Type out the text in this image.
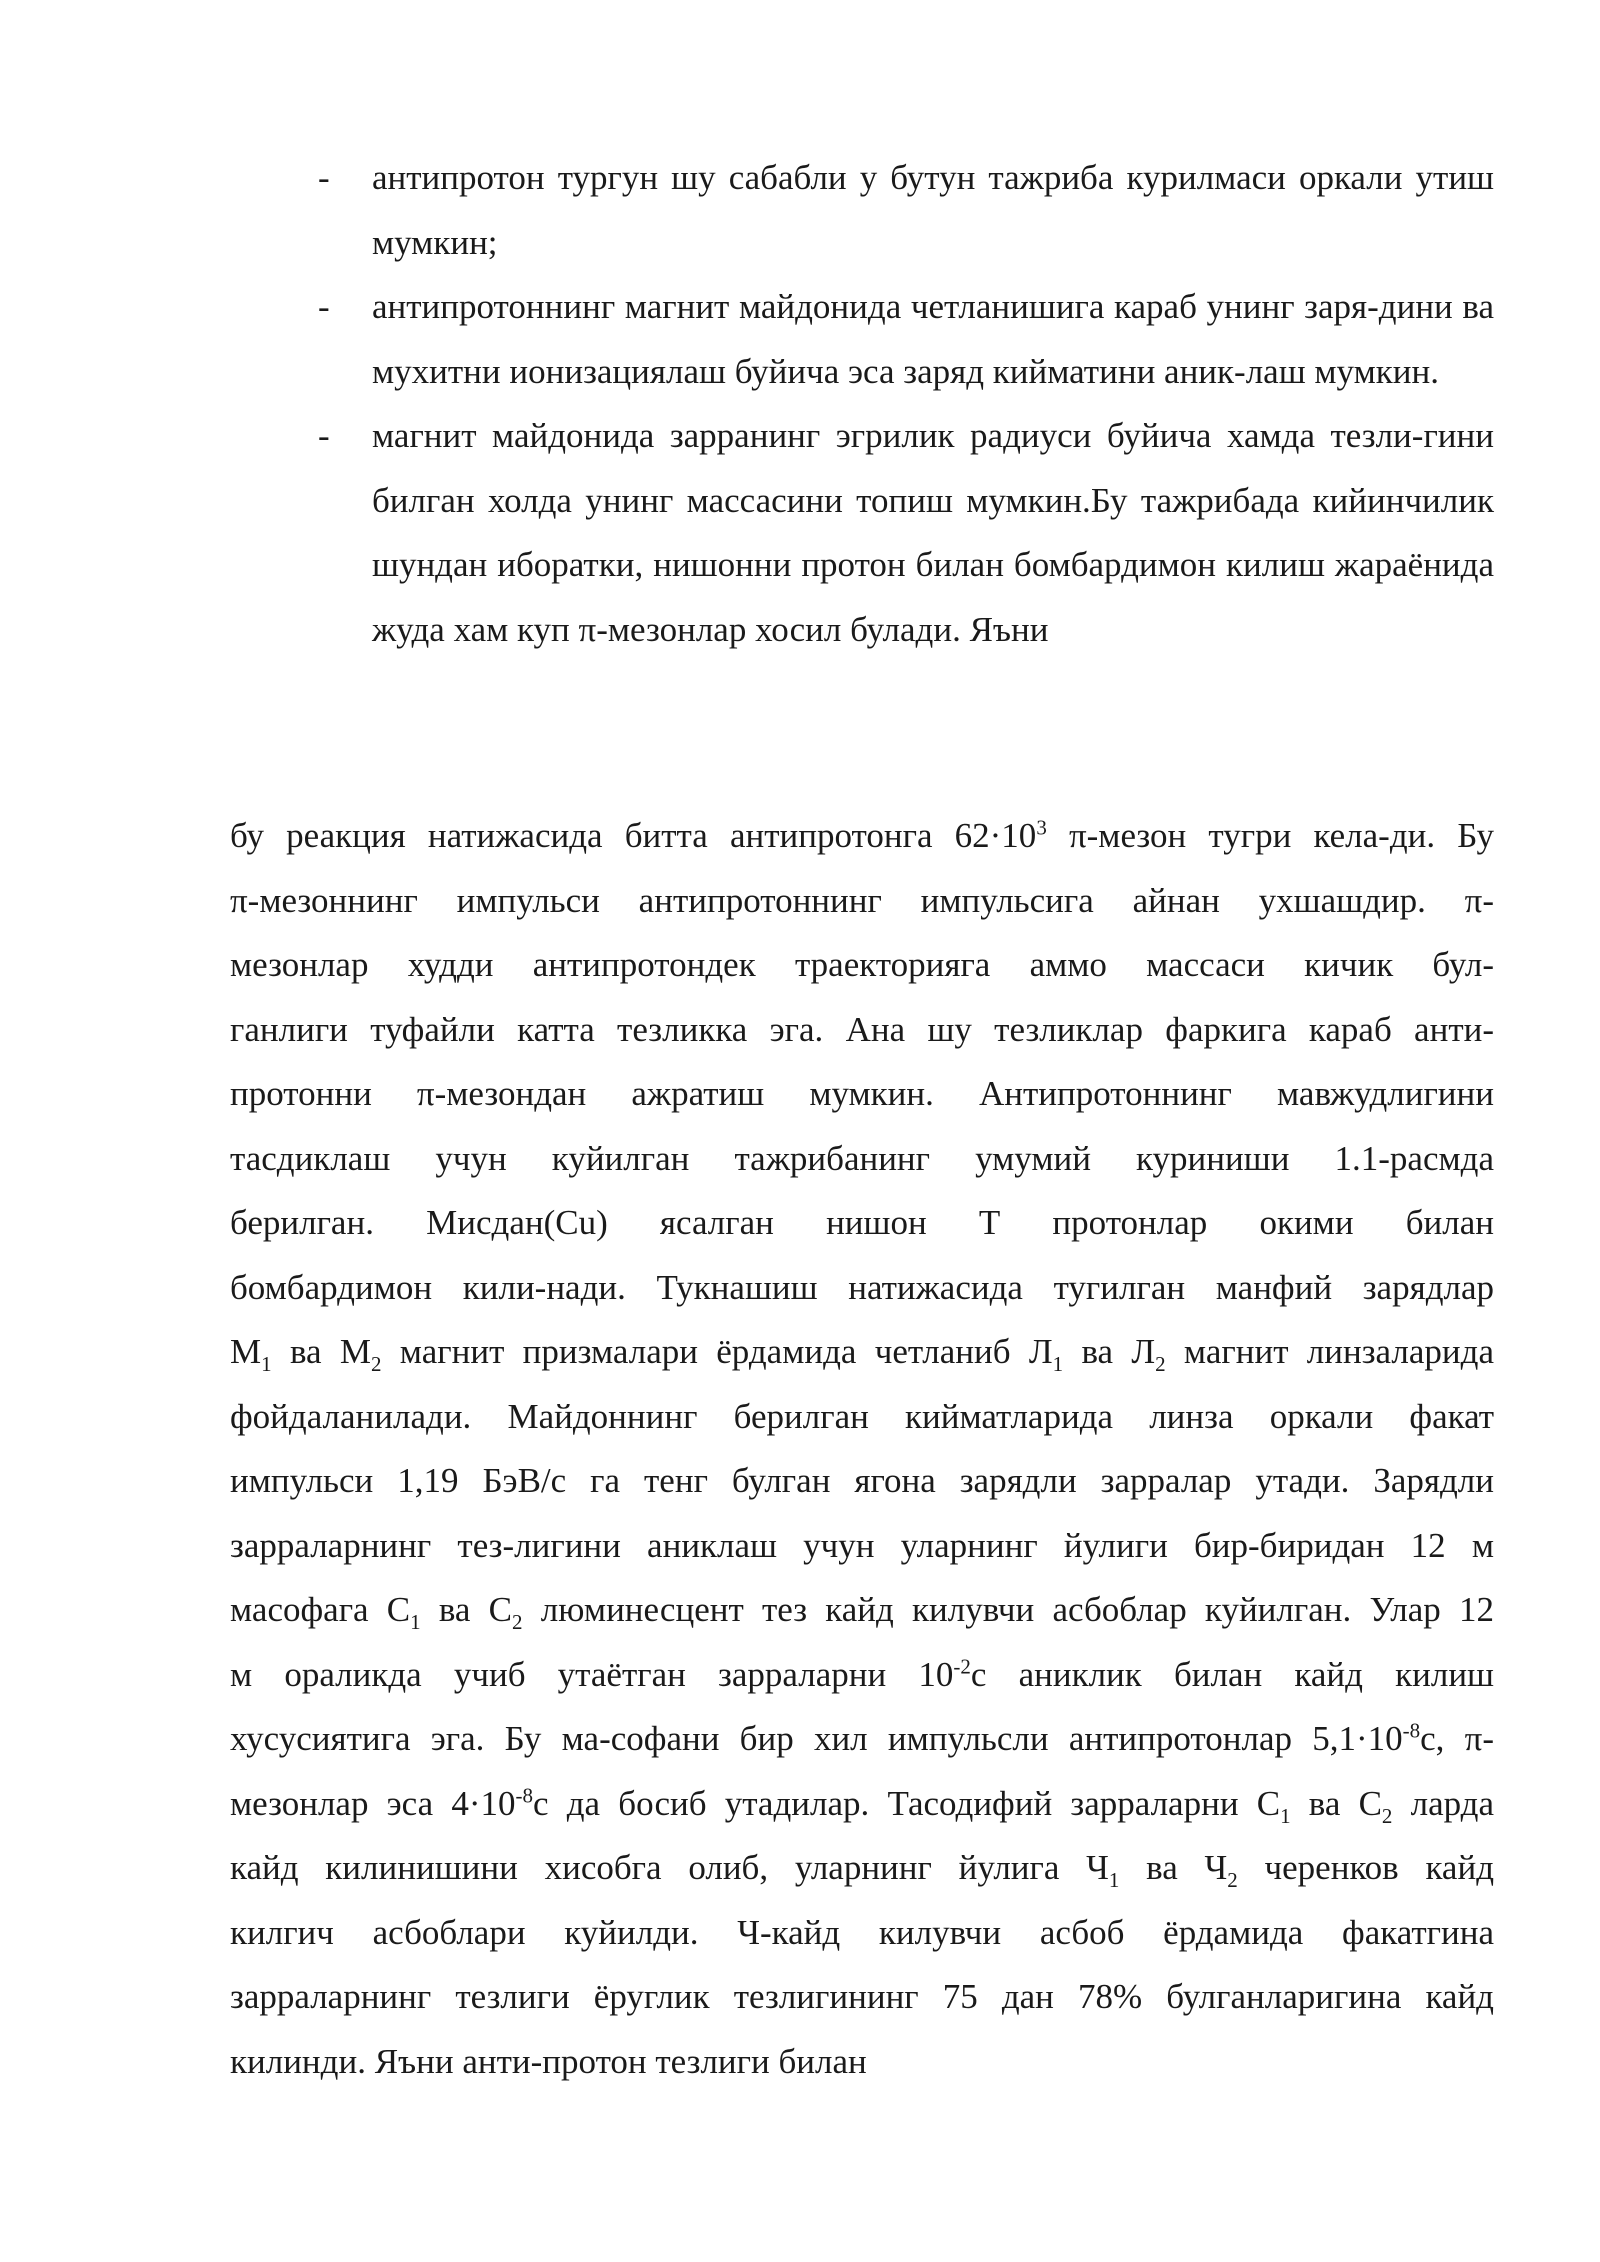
- антипротон тургун шу сабабли у бутун тажриба курилмаси оркали утиш мумкин;

- антипротоннинг магнит майдонида четланишига караб унинг заря-дини ва мухитни ионизациялаш буйича эса заряд кийматини аник-лаш мумкин.

- магнит майдонида зарранинг эгрилик радиуси буйича хамда тезли-гини билган холда унинг массасини топиш мумкин.Бу тажрибада кийинчилик шундан иборатки, нишонни протон билан бомбардимон килиш жараёнида жуда хам куп π-мезонлар хосил булади. Яъни

бу реакция натижасида битта антипротонга $62\cdot 10^3$ π-мезон тугри кела-ди. Бу
π-мезоннинг импульси антипротоннинг импульсига айнан ухшашдир. π-
мезонлар худди антипротондек траекторияга аммо массаси кичик бул-
ганлиги туфайли катта тезликка эга. Ана шу тезликлар фаркига караб анти-
протонни π-мезондан ажратиш мумкин. Антипротоннинг мавжудлигини
тасдиклаш учун куйилган тажрибанинг умумий куриниши 1.1-расмда
берилган. Мисдан(Cu) ясалган нишон Т протонлар окими билан
бомбардимон кили-нади. Тукнашиш натижасида тугилган манфий зарядлар
$М_1$ ва $М_2$ магнит призмалари ёрдамида четланиб $Л_1$ ва $Л_2$ магнит линзаларида
фойдаланилади. Майдоннинг берилган кийматларида линза оркали факат
импульси 1,19 БэВ/с га тенг булган ягона зарядли зарралар утади. Зарядли
зарраларнинг тез-лигини аниклаш учун уларнинг йулиги бир-биридан 12 м
масофага $С_1$ ва $С_2$ люминесцент тез кайд килувчи асбоблар куйилган. Улар 12
м ораликда учиб утаётган зарраларни $10^{-2}с$ аниклик билан кайд килиш
хусусиятига эга. Бу ма-софани бир хил импульсли антипротонлар $5,1\cdot 10^{-8}с$, π-
мезонлар эса $4\cdot 10^{-8}с$ да босиб утадилар. Тасодифий зарраларни $С_1$ ва $С_2$ ларда
кайд килинишини хисобга олиб, уларнинг йулига $Ч_1$ ва $Ч_2$ черенков кайд
килгич асбоблари куйилди. Ч-кайд килувчи асбоб ёрдамида факатгина
зарраларнинг тезлиги ёруглик тезлигининг 75 дан 78% булганларигина кайд
килинди. Яъни анти-протон тезлиги билан
